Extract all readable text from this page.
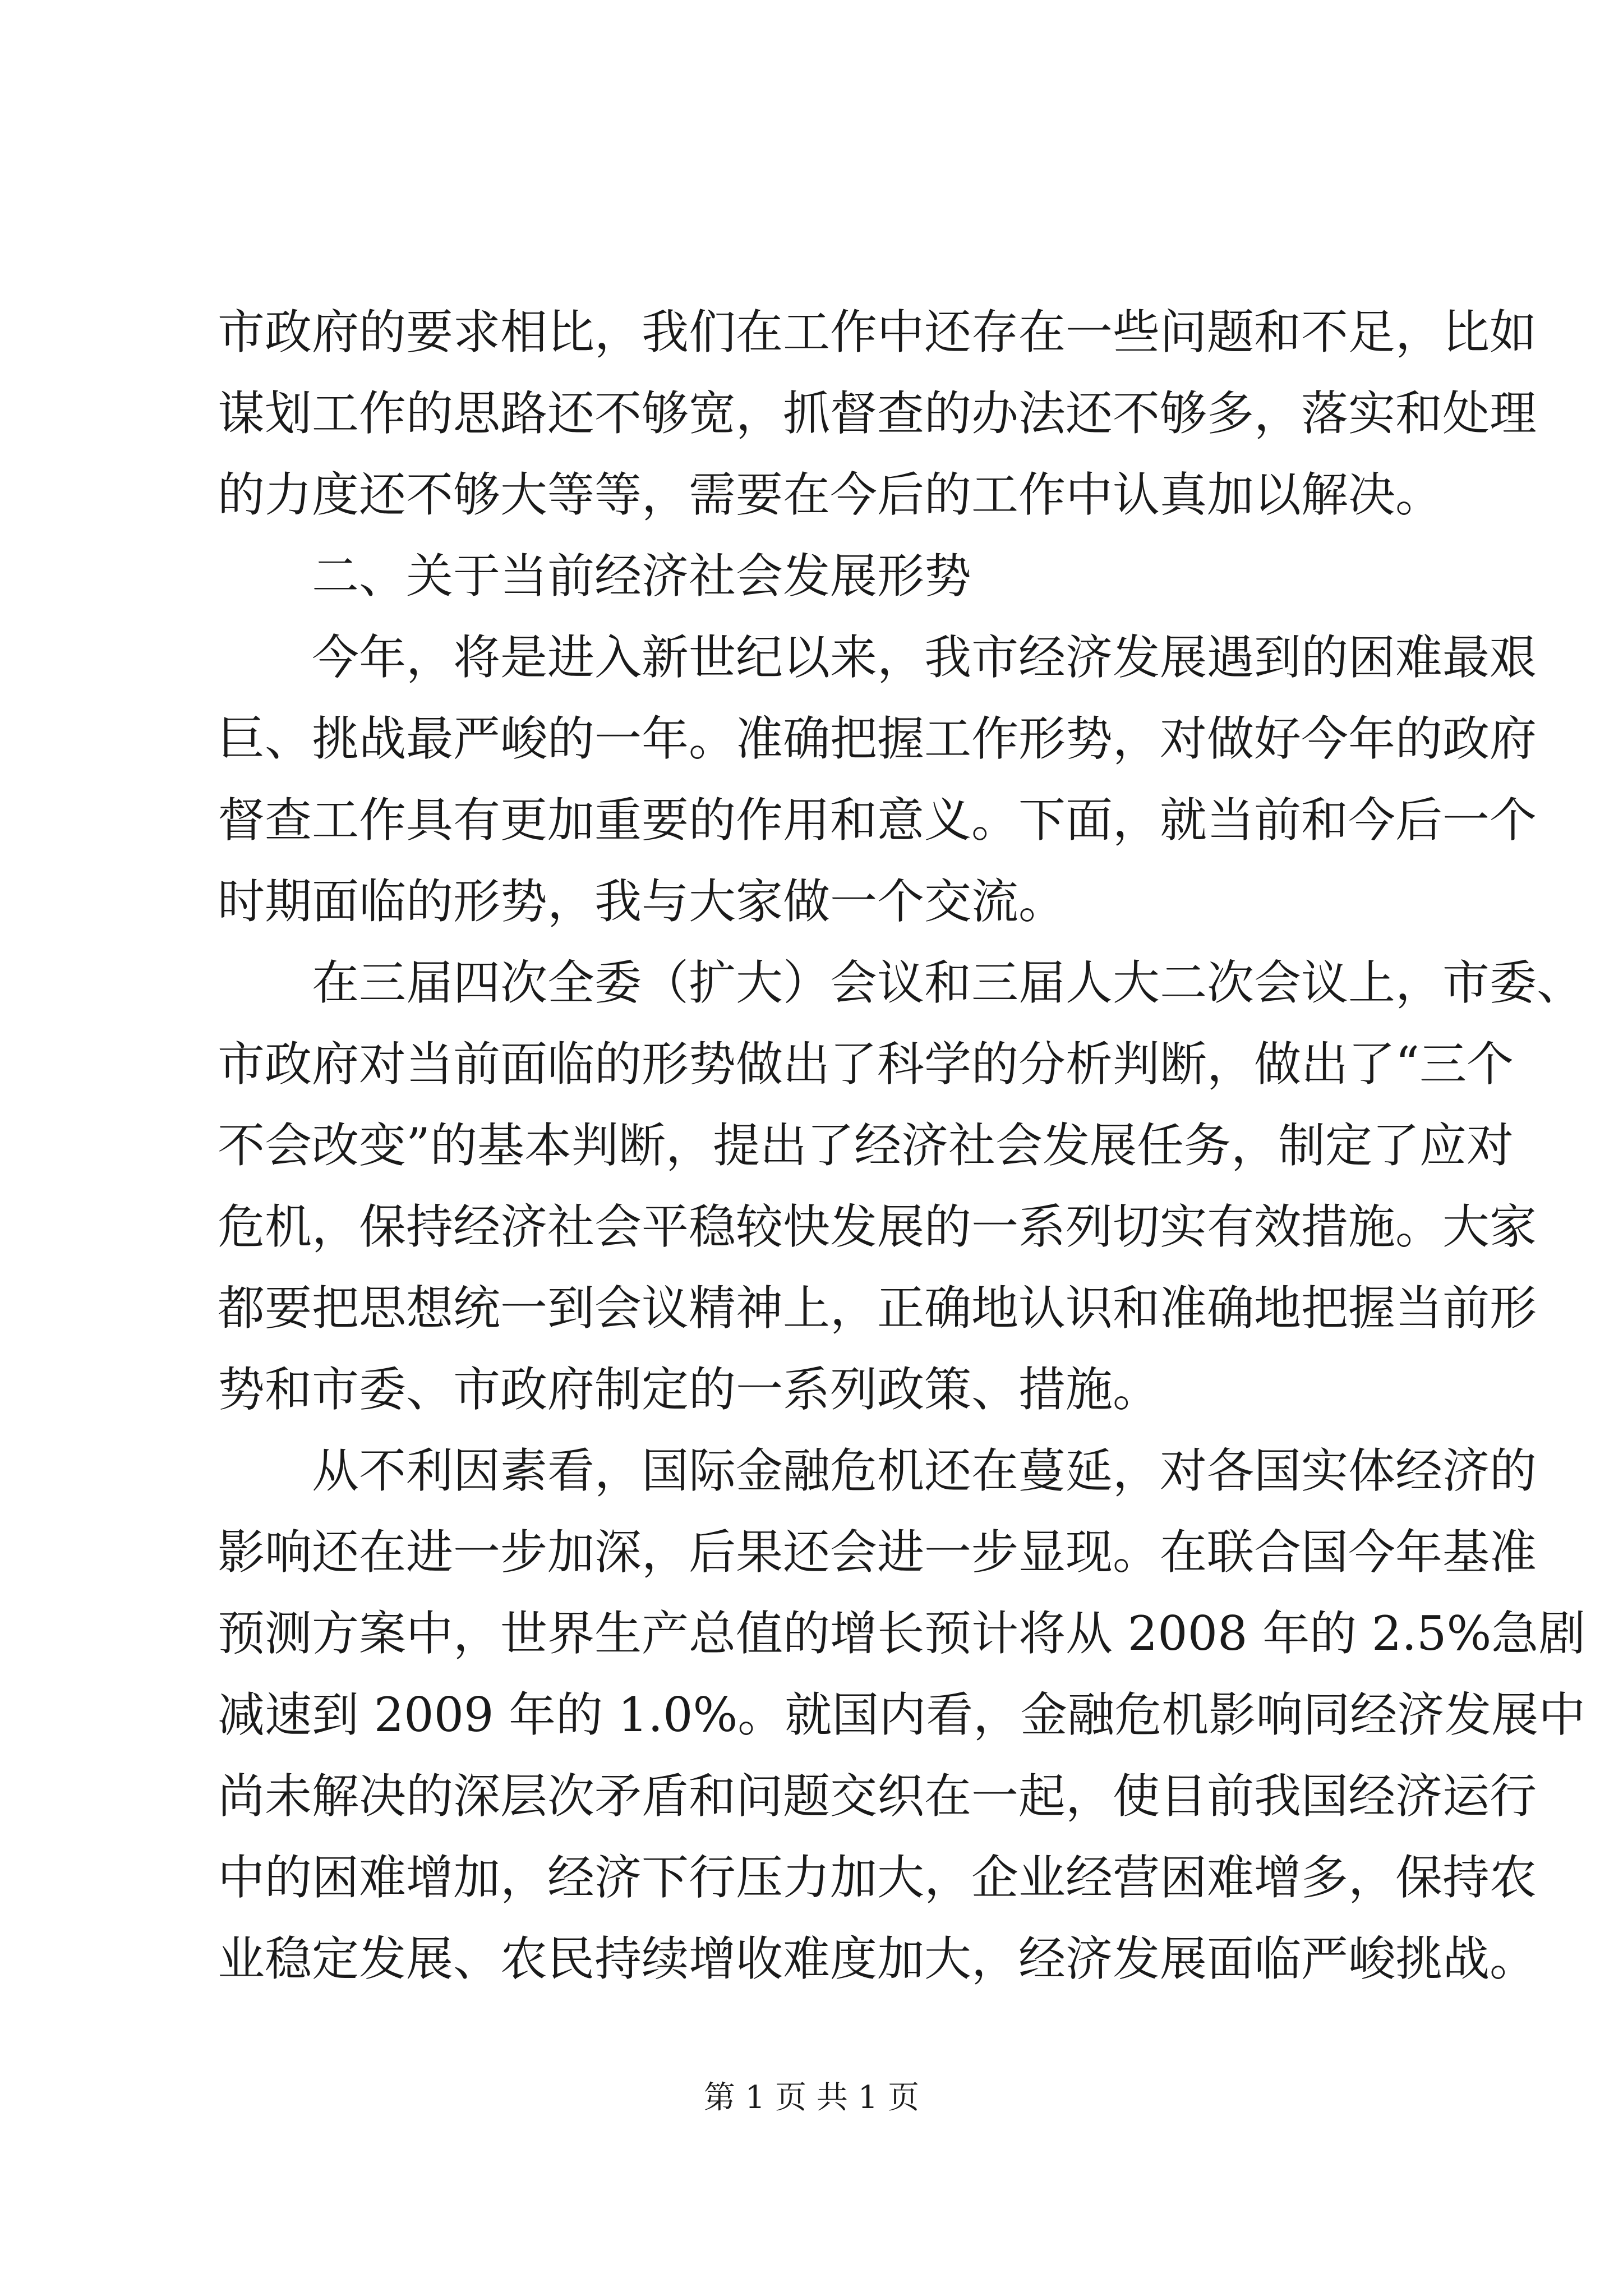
市政府的要求相比，我们在工作中还存在一些问题和不足，比如
谋划工作的思路还不够宽，抓督查的办法还不够多，落实和处理
的力度还不够大等等，需要在今后的工作中认真加以解决。
二、关于当前经济社会发展形势
今年，将是进入新世纪以来，我市经济发展遇到的困难最艰
巨、挑战最严峻的一年。准确把握工作形势，对做好今年的政府
督查工作具有更加重要的作用和意义。下面，就当前和今后一个
时期面临的形势，我与大家做一个交流。
在三届四次全委（扩大）会议和三届人大二次会议上，市委、
市政府对当前面临的形势做出了科学的分析判断，做出了“三个
不会改变”的基本判断，提出了经济社会发展任务，制定了应对
危机，保持经济社会平稳较快发展的一系列切实有效措施。大家
都要把思想统一到会议精神上，正确地认识和准确地把握当前形
势和市委、市政府制定的一系列政策、措施。
从不利因素看，国际金融危机还在蔓延，对各国实体经济的
影响还在进一步加深，后果还会进一步显现。在联合国今年基准
预测方案中，世界生产总值的增长预计将从 2008 年的 2.5%急剧
减速到 2009 年的 1.0%。就国内看，金融危机影响同经济发展中
尚未解决的深层次矛盾和问题交织在一起，使目前我国经济运行
中的困难增加，经济下行压力加大，企业经营困难增多，保持农
业稳定发展、农民持续增收难度加大，经济发展面临严峻挑战。
第 1 页 共 1 页
